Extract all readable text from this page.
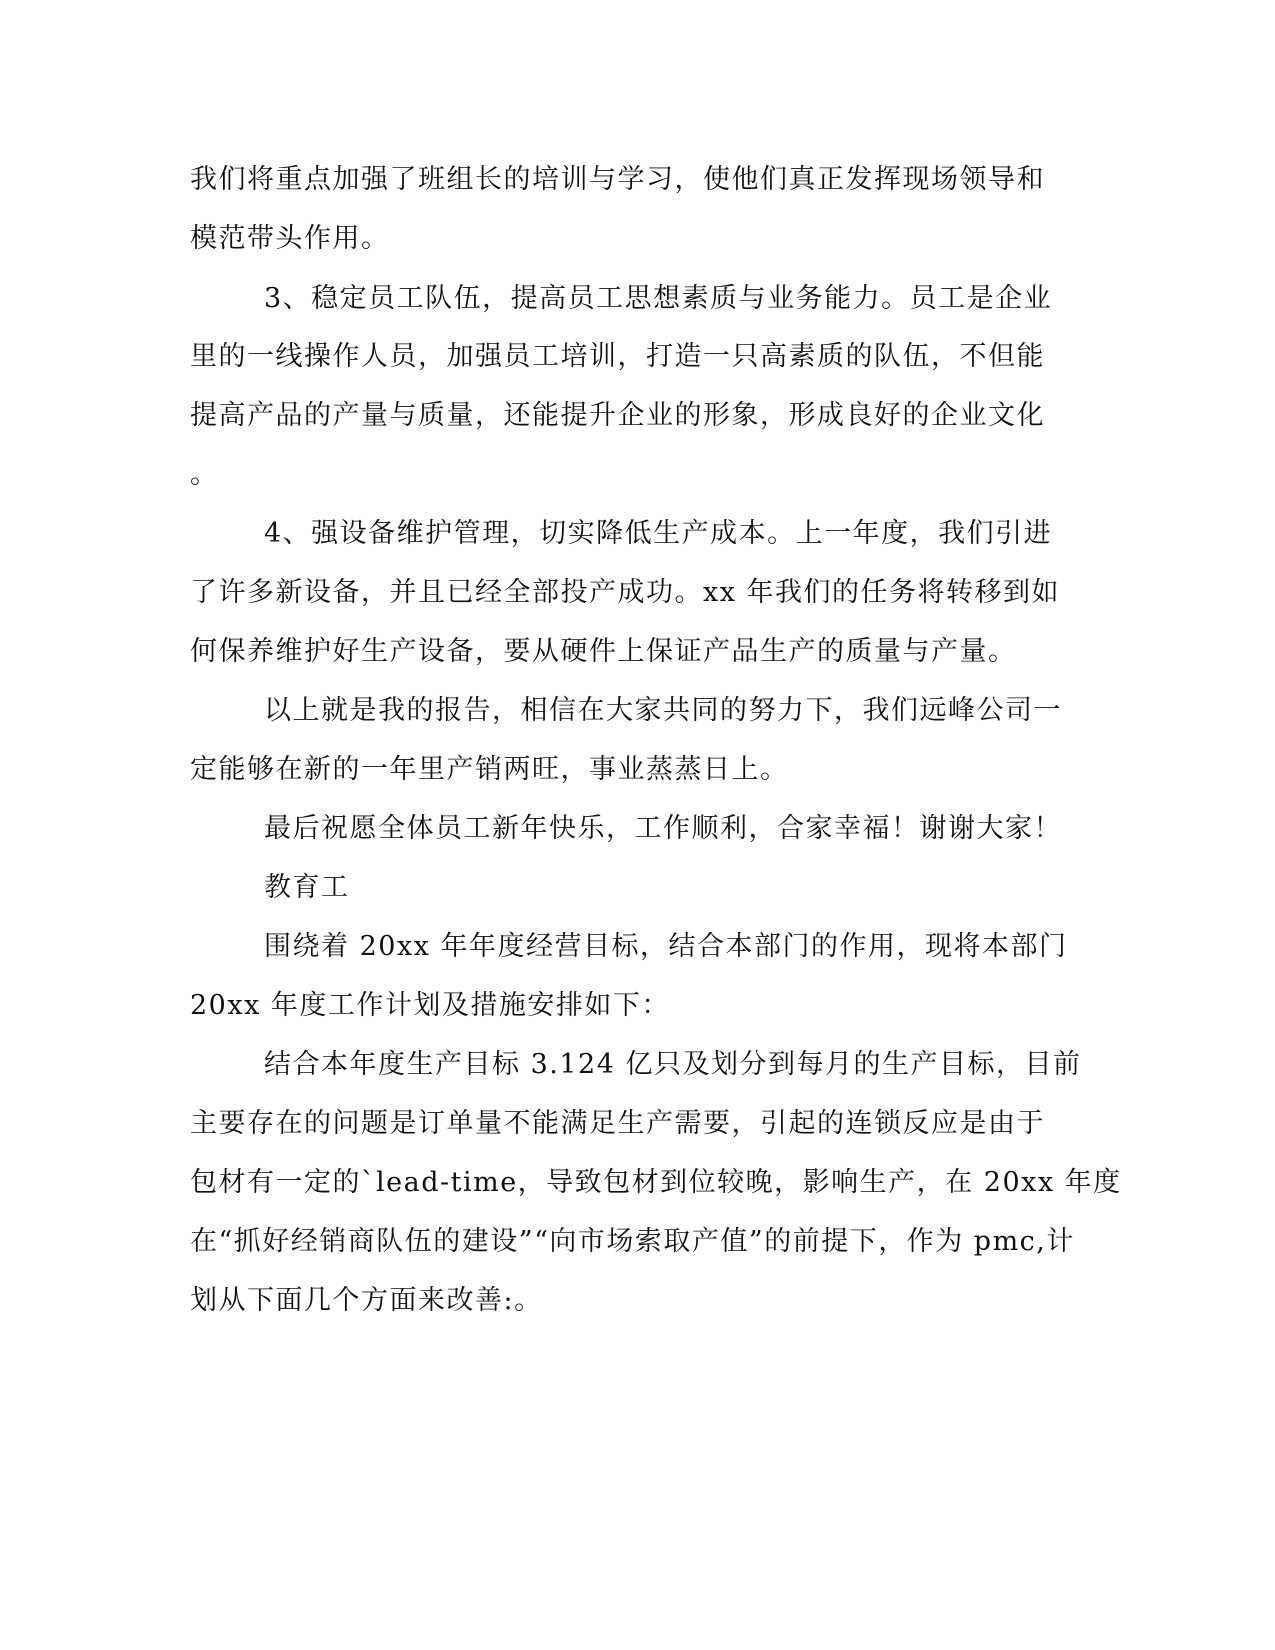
我们将重点加强了班组长的培训与学习，使他们真正发挥现场领导和

模范带头作用。

3、稳定员工队伍，提高员工思想素质与业务能力。员工是企业

里的一线操作人员，加强员工培训，打造一只高素质的队伍，不但能

提高产品的产量与质量，还能提升企业的形象，形成良好的企业文化

。

4、强设备维护管理，切实降低生产成本。上一年度，我们引进

了许多新设备，并且已经全部投产成功。xx 年我们的任务将转移到如

何保养维护好生产设备，要从硬件上保证产品生产的质量与产量。

以上就是我的报告，相信在大家共同的努力下，我们远峰公司一

定能够在新的一年里产销两旺，事业蒸蒸日上。

最后祝愿全体员工新年快乐，工作顺利，合家幸福！谢谢大家！

教育工

围绕着 20xx 年年度经营目标，结合本部门的作用，现将本部门

20xx 年度工作计划及措施安排如下：

结合本年度生产目标 3.124 亿只及划分到每月的生产目标，目前

主要存在的问题是订单量不能满足生产需要，引起的连锁反应是由于

包材有一定的`lead-time，导致包材到位较晚，影响生产，在 20xx 年度

在“抓好经销商队伍的建设”“向市场索取产值”的前提下，作为 pmc,计

划从下面几个方面来改善:。
